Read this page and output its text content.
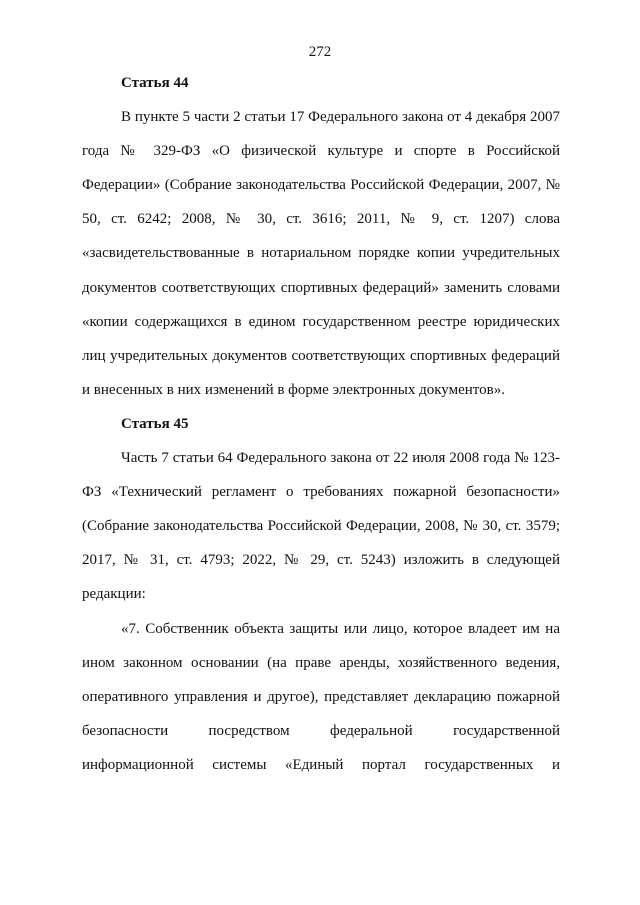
272

Статья 44

В пункте 5 части 2 статьи 17 Федерального закона от 4 декабря 2007 года № 329-ФЗ «О физической культуре и спорте в Российской Федерации» (Собрание законодательства Российской Федерации, 2007, № 50, ст. 6242; 2008, № 30, ст. 3616; 2011, № 9, ст. 1207) слова «засвидетельствованные в нотариальном порядке копии учредительных документов соответствующих спортивных федераций» заменить словами «копии содержащихся в едином государственном реестре юридических лиц учредительных документов соответствующих спортивных федераций и внесенных в них изменений в форме электронных документов».

Статья 45

Часть 7 статьи 64 Федерального закона от 22 июля 2008 года № 123-ФЗ «Технический регламент о требованиях пожарной безопасности» (Собрание законодательства Российской Федерации, 2008, № 30, ст. 3579; 2017, № 31, ст. 4793; 2022, № 29, ст. 5243) изложить в следующей редакции:

«7. Собственник объекта защиты или лицо, которое владеет им на ином законном основании (на праве аренды, хозяйственного ведения, оперативного управления и другое), представляет декларацию пожарной безопасности посредством федеральной государственной информационной системы «Единый портал государственных и
